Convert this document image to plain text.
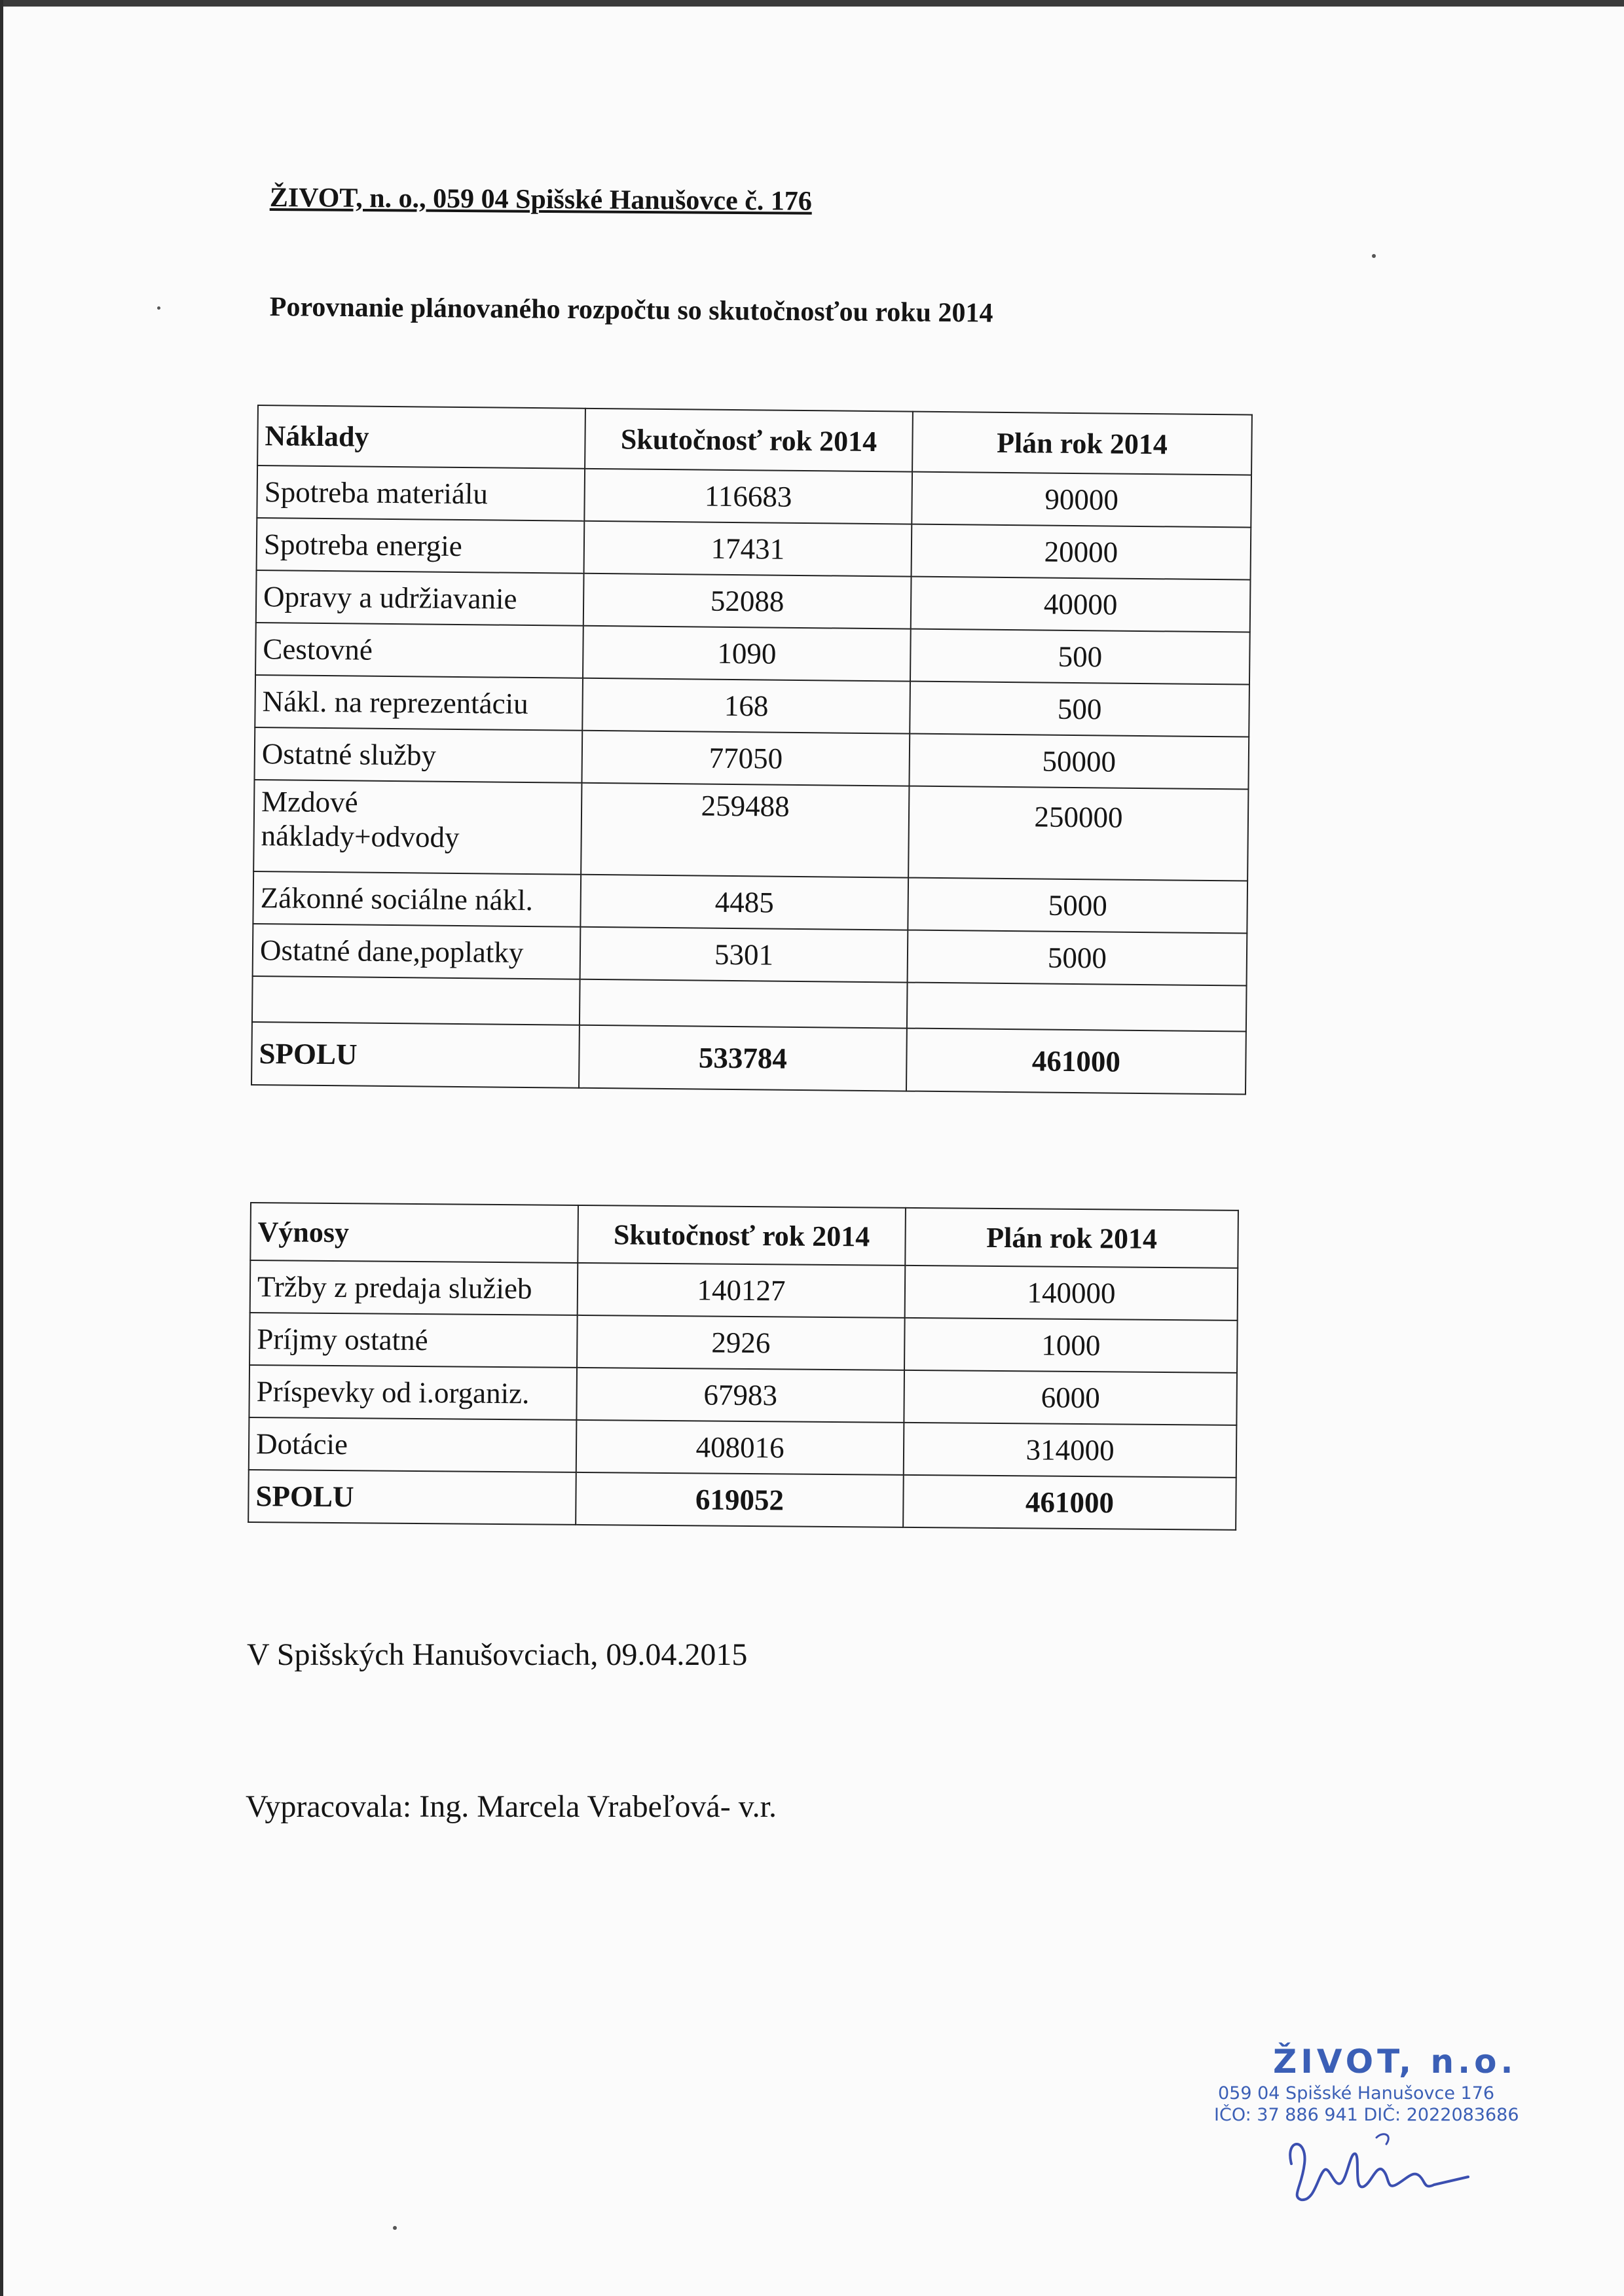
ŽIVOT, n. o., 059 04 Spišské Hanušovce č. 176
Porovnanie plánovaného rozpočtu so skutočnosťou roku 2014
Náklady	Skutočnosť rok 2014	Plán rok 2014
Spotreba materiálu	116683	90000
Spotreba energie	17431	20000
Opravy a udržiavanie	52088	40000
Cestovné	1090	500
Nákl. na reprezentáciu	168	500
Ostatné služby	77050	50000

Mzdové
náklady+odvody	259488	250000
Zákonné sociálne nákl.	4485	5000
Ostatné dane,poplatky	5301	5000

SPOLU	533784	461000
Výnosy	Skutočnosť rok 2014	Plán rok 2014
Tržby z predaja služieb	140127	140000
Príjmy ostatné	2926	1000
Príspevky od i.organiz.	67983	6000
Dotácie	408016	314000
SPOLU	619052	461000
V Spišských Hanušovciach, 09.04.2015
Vypracovala: Ing. Marcela Vrabeľová- v.r.
ŽIVOT, n.o.
059 04 Spišské Hanušovce 176
IČO: 37 886 941 DIČ: 2022083686
